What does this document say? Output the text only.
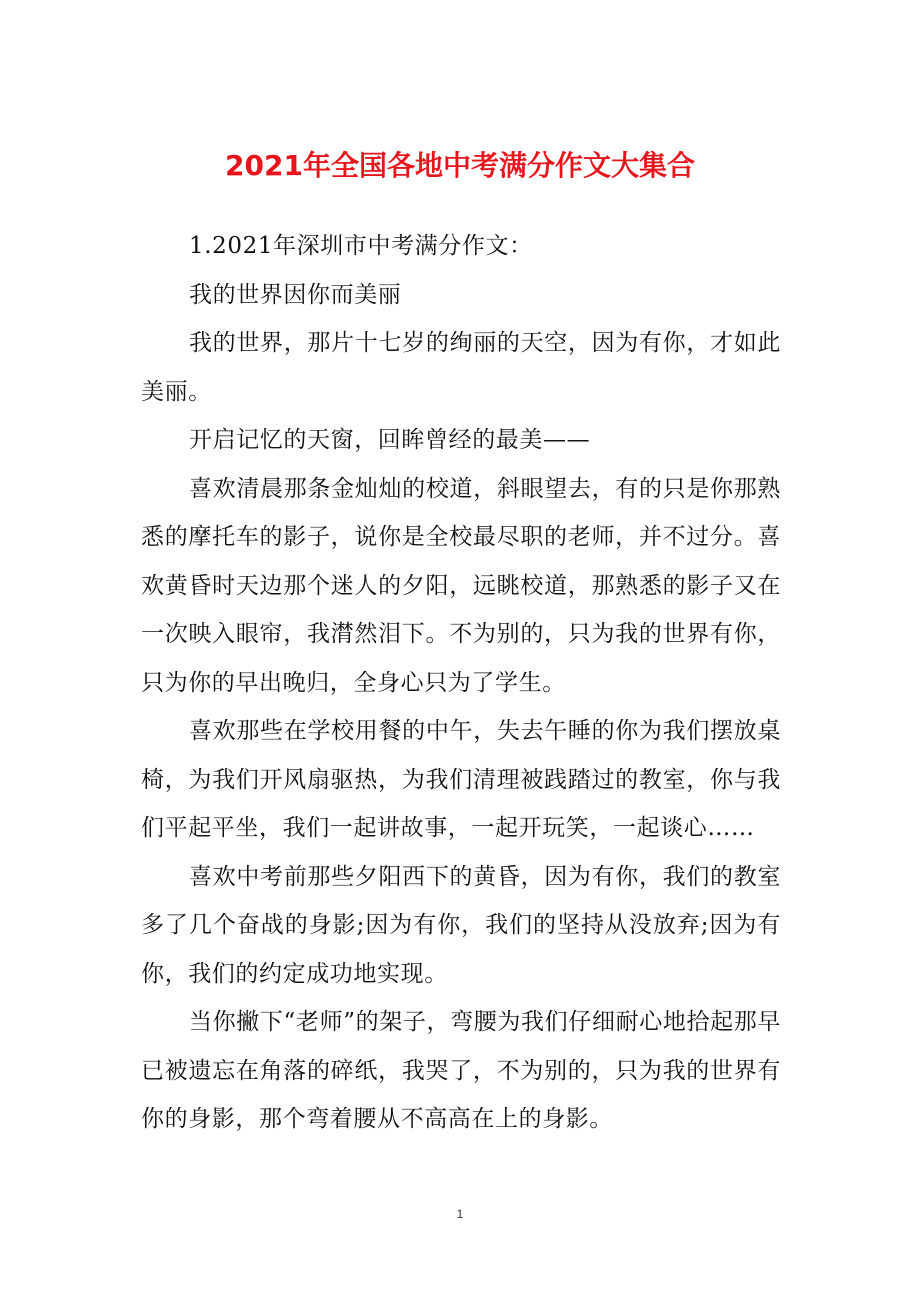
2021年全国各地中考满分作文大集合

1.2021年深圳市中考满分作文：

我的世界因你而美丽

我的世界，那片十七岁的绚丽的天空，因为有你，才如此美丽。

开启记忆的天窗，回眸曾经的最美——

喜欢清晨那条金灿灿的校道，斜眼望去，有的只是你那熟悉的摩托车的影子，说你是全校最尽职的老师，并不过分。喜欢黄昏时天边那个迷人的夕阳，远眺校道，那熟悉的影子又在一次映入眼帘，我潸然泪下。不为别的，只为我的世界有你，只为你的早出晚归，全身心只为了学生。

喜欢那些在学校用餐的中午，失去午睡的你为我们摆放桌椅，为我们开风扇驱热，为我们清理被践踏过的教室，你与我们平起平坐，我们一起讲故事，一起开玩笑，一起谈心……

喜欢中考前那些夕阳西下的黄昏，因为有你，我们的教室多了几个奋战的身影;因为有你，我们的坚持从没放弃;因为有你，我们的约定成功地实现。

当你撇下“老师”的架子，弯腰为我们仔细耐心地拾起那早已被遗忘在角落的碎纸，我哭了，不为别的，只为我的世界有你的身影，那个弯着腰从不高高在上的身影。

1
